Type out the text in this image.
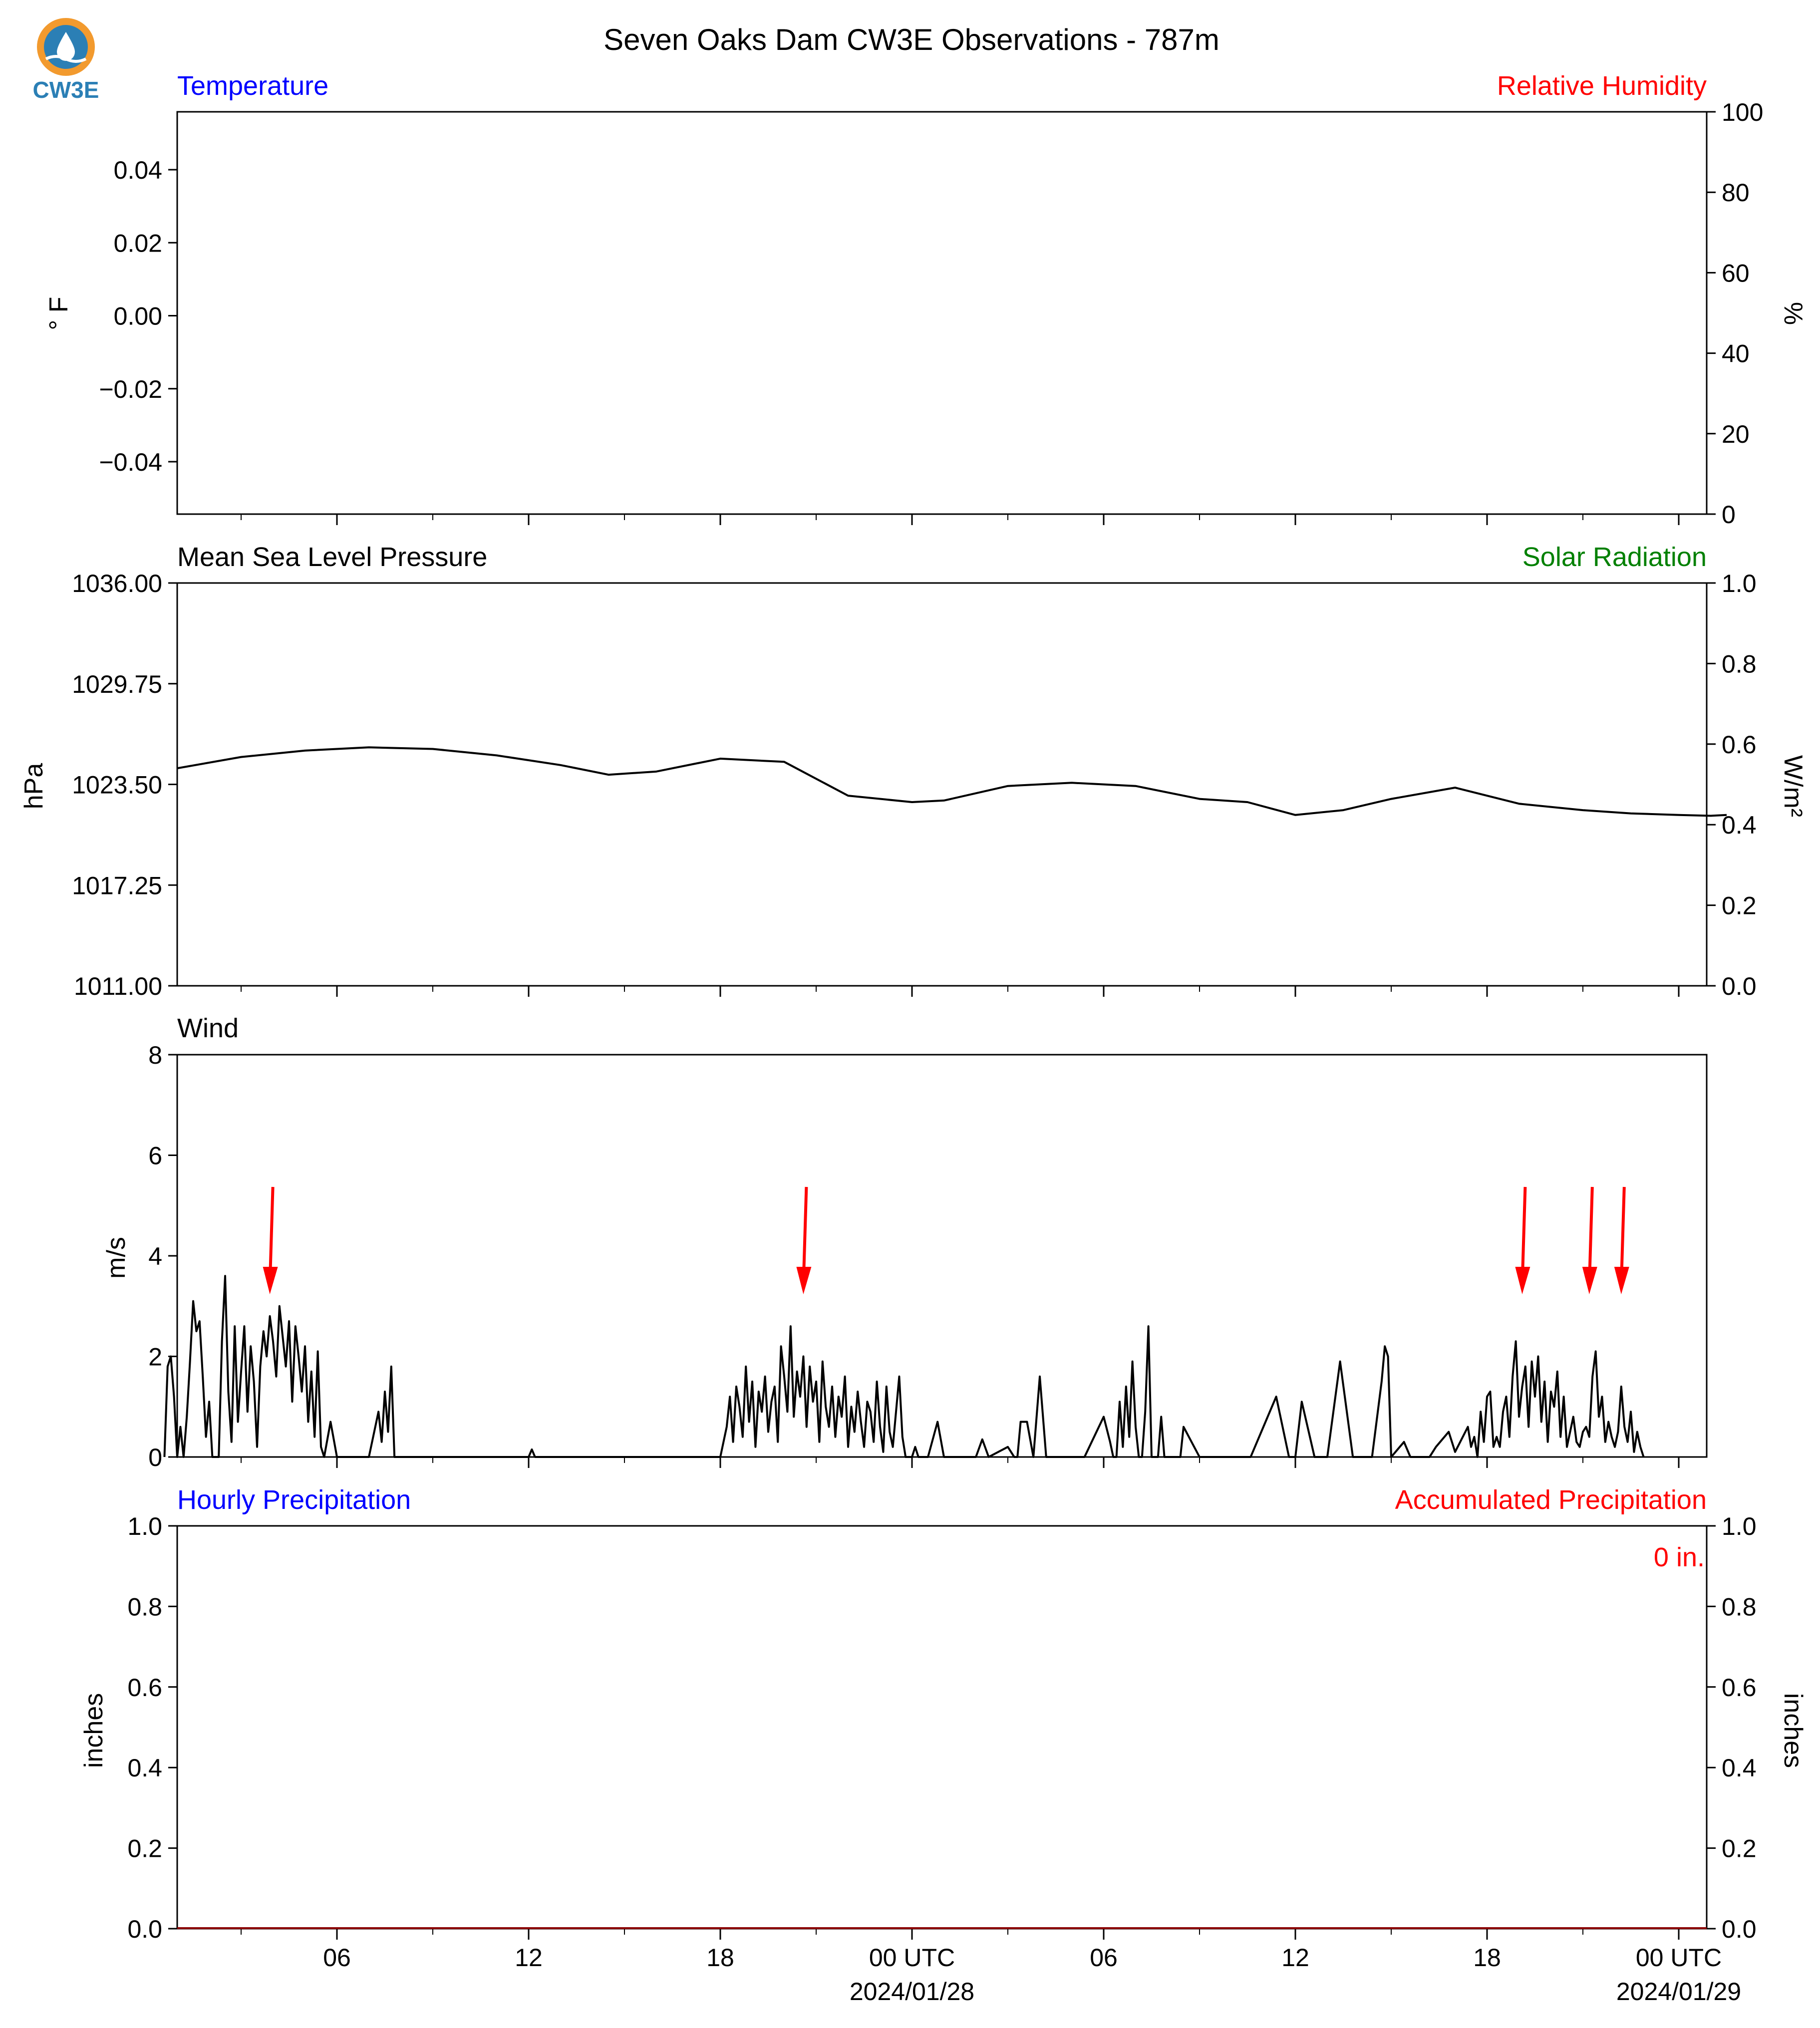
CW3E
Seven Oaks Dam CW3E Observations - 787m
0.04
0.02
0.00
−0.02
−0.04
100
80
60
40
20
0
1036.00
1029.75
1023.50
1017.25
1011.00
1.0
0.8
0.6
0.4
0.2
0.0
8
6
4
2
0
1.0
0.8
0.6
0.4
0.2
0.0
1.0
0.8
0.6
0.4
0.2
0.0
Temperature	Relative Humidity
Mean Sea Level Pressure	Solar Radiation
Wind
Hourly Precipitation	Accumulated Precipitation
° F	%
hPa	W/m²
m/s
inches	inches
0 in.
06	12	18	00 UTC	06	12	18	00 UTC
2024/01/28	2024/01/29
